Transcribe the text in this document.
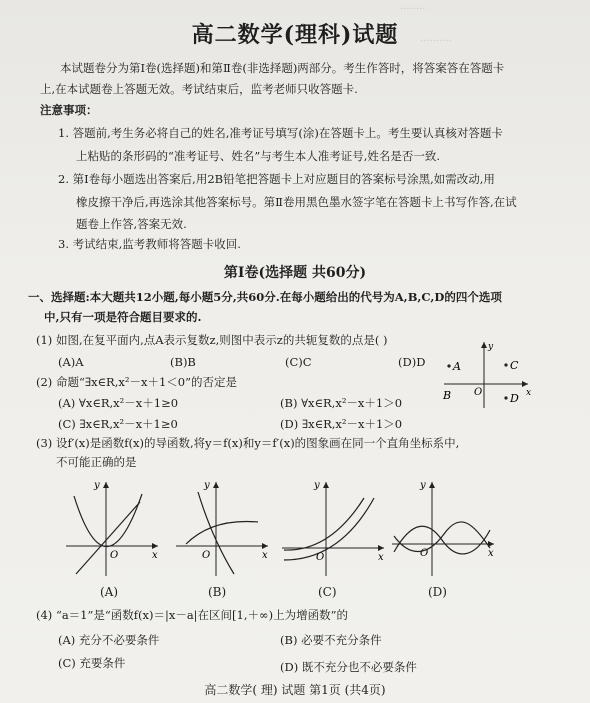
········
··········
高二数学(理科)试题
本试题卷分为第Ⅰ卷(选择题)和第Ⅱ卷(非选择题)两部分。考生作答时，将答案答在答题卡
上,在本试题卷上答题无效。考试结束后，监考老师只收答题卡.
注意事项：
1. 答题前,考生务必将自己的姓名,准考证号填写(涂)在答题卡上。考生要认真核对答题卡
上粘贴的条形码的“准考证号、姓名”与考生本人准考证号,姓名是否一致.
2. 第Ⅰ卷每小题选出答案后,用2B铅笔把答题卡上对应题目的答案标号涂黑,如需改动,用
橡皮擦干净后,再选涂其他答案标号。第Ⅱ卷用黑色墨水签字笔在答题卡上书写作答,在试
题卷上作答,答案无效.
3. 考试结束,监考教师将答题卡收回.
第Ⅰ卷(选择题 共60分)
一、选择题:本大题共12小题,每小题5分,共60分.在每小题给出的代号为A,B,C,D的四个选项
中,只有一项是符合题目要求的.
(1) 如图,在复平面内,点A表示复数z,则图中表示z的共轭复数的点是( )
(A)A	(B)B	(C)C	(D)D
y
x
O
A	C
B	D
(2) 命题“∃x∈R,x²－x＋1＜0”的否定是
(A) ∀x∈R,x²－x＋1≥0	(B) ∀x∈R,x²－x＋1＞0
(C) ∃x∈R,x²－x＋1≥0	(D) ∃x∈R,x²－x＋1＞0
(3) 设f′(x)是函数f(x)的导函数,将y＝f(x)和y＝f′(x)的图象画在同一个直角坐标系中,
不可能正确的是
y
x
O
(A)
y
x
O
(B)
y
x
O
(C)
y
x
O
(D)
(4) “a＝1”是“函数f(x)＝|x－a|在区间[1,＋∞)上为增函数”的
(A) 充分不必要条件	(B) 必要不充分条件
(C) 充要条件	(D) 既不充分也不必要条件
高二数学( 理) 试题 第1页 (共4页)
